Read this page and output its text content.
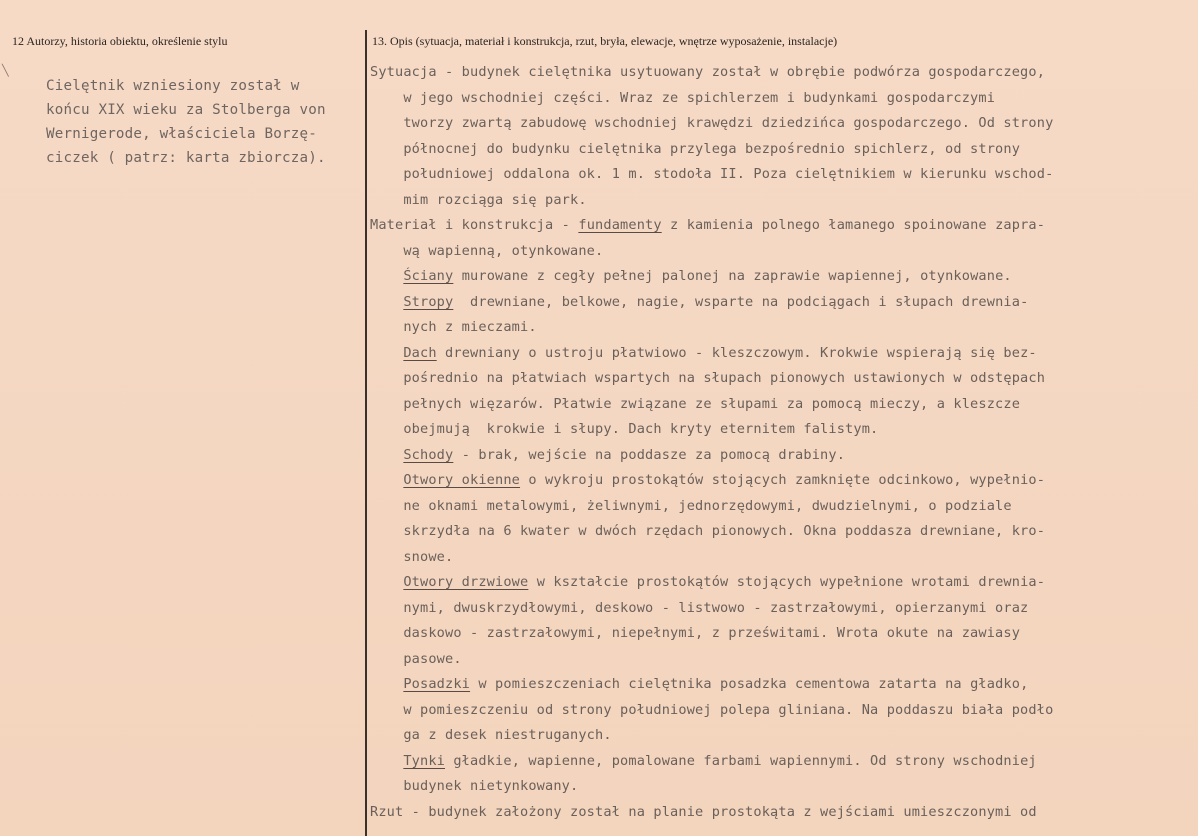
12 Autorzy, historia obiektu, określenie stylu	13. Opis (sytuacja, materiał i konstrukcja, rzut, bryła, elewacje, wnętrze wyposażenie, instalacje)
╲
Cielętnik wzniesiony został w
końcu XIX wieku za Stolberga von
Wernigerode, właściciela Borzę-
ciczek ( patrz: karta zbiorcza).
Sytuacja - budynek cielętnika usytuowany został w obrębie podwórza gospodarczego,
w jego wschodniej części. Wraz ze spichlerzem i budynkami gospodarczymi
tworzy zwartą zabudowę wschodniej krawędzi dziedzińca gospodarczego. Od strony
północnej do budynku cielętnika przylega bezpośrednio spichlerz, od strony
południowej oddalona ok. 1 m. stodoła II. Poza cielętnikiem w kierunku wschod-
mim rozciąga się park.
Materiał i konstrukcja - fundamenty z kamienia polnego łamanego spoinowane zapra-
wą wapienną, otynkowane.
Ściany murowane z cegły pełnej palonej na zaprawie wapiennej, otynkowane.
Stropy  drewniane, belkowe, nagie, wsparte na podciągach i słupach drewnia-
nych z mieczami.
Dach drewniany o ustroju płatwiowo - kleszczowym. Krokwie wspierają się bez-
pośrednio na płatwiach wspartych na słupach pionowych ustawionych w odstępach
pełnych więzarów. Płatwie związane ze słupami za pomocą mieczy, a kleszcze
obejmują  krokwie i słupy. Dach kryty eternitem falistym.
Schody - brak, wejście na poddasze za pomocą drabiny.
Otwory okienne o wykroju prostokątów stojących zamknięte odcinkowo, wypełnio-
ne oknami metalowymi, żeliwnymi, jednorzędowymi, dwudzielnymi, o podziale
skrzydła na 6 kwater w dwóch rzędach pionowych. Okna poddasza drewniane, kro-
snowe.
Otwory drzwiowe w kształcie prostokątów stojących wypełnione wrotami drewnia-
nymi, dwuskrzydłowymi, deskowo - listwowo - zastrzałowymi, opierzanymi oraz
daskowo - zastrzałowymi, niepełnymi, z prześwitami. Wrota okute na zawiasy
pasowe.
Posadzki w pomieszczeniach cielętnika posadzka cementowa zatarta na gładko,
w pomieszczeniu od strony południowej polepa gliniana. Na poddaszu biała podło
ga z desek niestruganych.
Tynki gładkie, wapienne, pomalowane farbami wapiennymi. Od strony wschodniej
budynek nietynkowany.
Rzut - budynek założony został na planie prostokąta z wejściami umieszczonymi od
